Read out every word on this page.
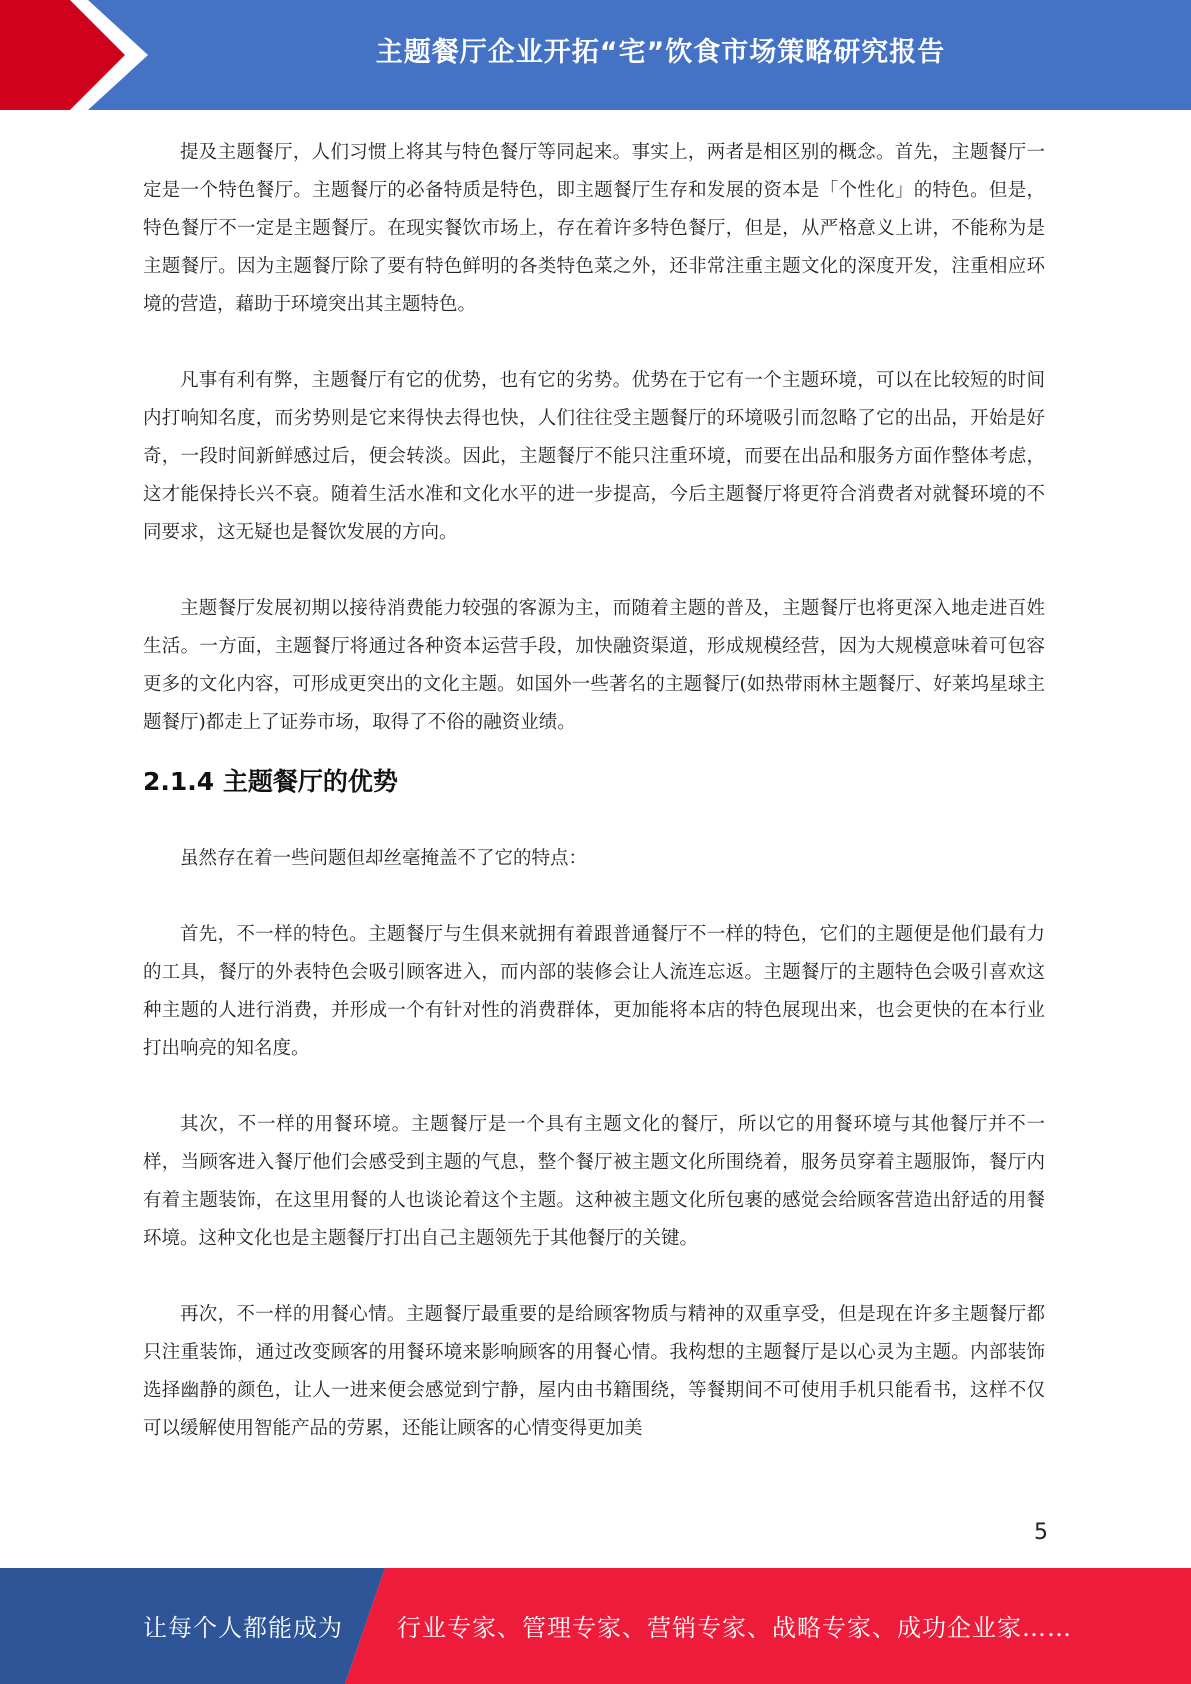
主题餐厅企业开拓“宅”饮食市场策略研究报告

提及主题餐厅，人们习惯上将其与特色餐厅等同起来。事实上，两者是相区别的概念。首先，主题餐厅一定是一个特色餐厅。主题餐厅的必备特质是特色，即主题餐厅生存和发展的资本是「个性化」的特色。但是，特色餐厅不一定是主题餐厅。在现实餐饮市场上，存在着许多特色餐厅，但是，从严格意义上讲，不能称为是主题餐厅。因为主题餐厅除了要有特色鲜明的各类特色菜之外，还非常注重主题文化的深度开发，注重相应环境的营造，藉助于环境突出其主题特色。

凡事有利有弊，主题餐厅有它的优势，也有它的劣势。优势在于它有一个主题环境，可以在比较短的时间内打响知名度，而劣势则是它来得快去得也快，人们往往受主题餐厅的环境吸引而忽略了它的出品，开始是好奇，一段时间新鲜感过后，便会转淡。因此，主题餐厅不能只注重环境，而要在出品和服务方面作整体考虑，这才能保持长兴不衰。随着生活水准和文化水平的进一步提高，今后主题餐厅将更符合消费者对就餐环境的不同要求，这无疑也是餐饮发展的方向。

主题餐厅发展初期以接待消费能力较强的客源为主，而随着主题的普及，主题餐厅也将更深入地走进百姓生活。一方面，主题餐厅将通过各种资本运营手段，加快融资渠道，形成规模经营，因为大规模意味着可包容更多的文化内容，可形成更突出的文化主题。如国外一些著名的主题餐厅(如热带雨林主题餐厅、好莱坞星球主题餐厅)都走上了证券市场，取得了不俗的融资业绩。

2.1.4 主题餐厅的优势

虽然存在着一些问题但却丝毫掩盖不了它的特点：

首先，不一样的特色。主题餐厅与生俱来就拥有着跟普通餐厅不一样的特色，它们的主题便是他们最有力的工具，餐厅的外表特色会吸引顾客进入，而内部的装修会让人流连忘返。主题餐厅的主题特色会吸引喜欢这种主题的人进行消费，并形成一个有针对性的消费群体，更加能将本店的特色展现出来，也会更快的在本行业打出响亮的知名度。

其次，不一样的用餐环境。主题餐厅是一个具有主题文化的餐厅，所以它的用餐环境与其他餐厅并不一样，当顾客进入餐厅他们会感受到主题的气息，整个餐厅被主题文化所围绕着，服务员穿着主题服饰，餐厅内有着主题装饰，在这里用餐的人也谈论着这个主题。这种被主题文化所包裹的感觉会给顾客营造出舒适的用餐环境。这种文化也是主题餐厅打出自己主题领先于其他餐厅的关键。

再次，不一样的用餐心情。主题餐厅最重要的是给顾客物质与精神的双重享受，但是现在许多主题餐厅都只注重装饰，通过改变顾客的用餐环境来影响顾客的用餐心情。我构想的主题餐厅是以心灵为主题。内部装饰选择幽静的颜色，让人一进来便会感觉到宁静，屋内由书籍围绕，等餐期间不可使用手机只能看书，这样不仅可以缓解使用智能产品的劳累，还能让顾客的心情变得更加美

5
让每个人都能成为 行业专家、管理专家、营销专家、战略专家、成功企业家……
